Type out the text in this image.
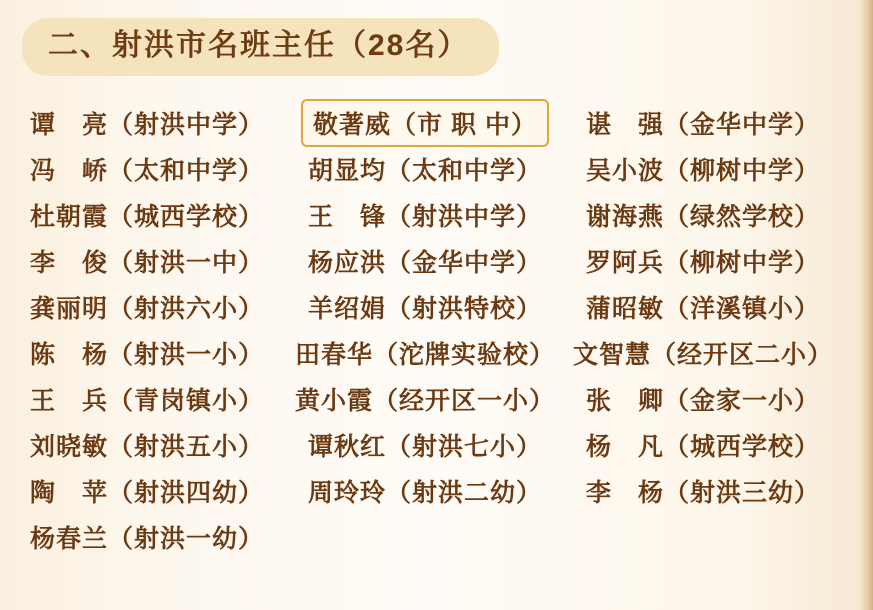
二、射洪市名班主任（28名）
谭　亮（射洪中学）	敬著威（市 职 中）	谌　强（金华中学）
冯　峤（太和中学）	胡显均（太和中学）	吴小波（柳树中学）
杜朝霞（城西学校）	王　锋（射洪中学）	谢海燕（绿然学校）
李　俊（射洪一中）	杨应洪（金华中学）	罗阿兵（柳树中学）
龚丽明（射洪六小）	羊绍娟（射洪特校）	蒲昭敏（洋溪镇小）
陈　杨（射洪一小）	田春华（沱牌实验校） 文智慧（经开区二小）
王　兵（青岗镇小）	黄小霞（经开区一小）	张　卿（金家一小）
刘晓敏（射洪五小）	谭秋红（射洪七小）	杨　凡（城西学校）
陶　苹（射洪四幼）	周玲玲（射洪二幼）	李　杨（射洪三幼）
杨春兰（射洪一幼）
